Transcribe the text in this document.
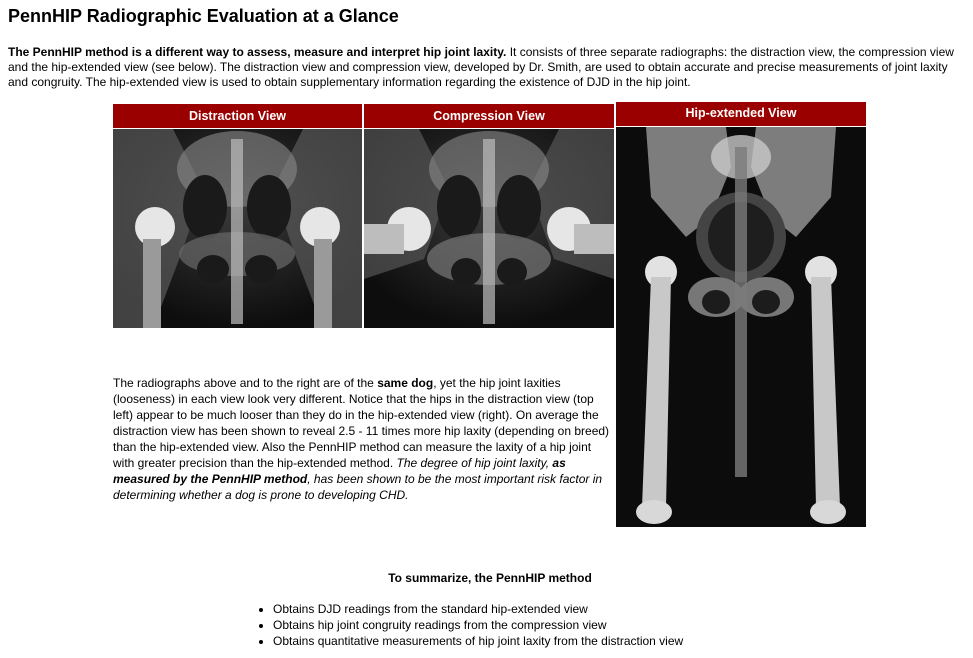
PennHIP Radiographic Evaluation at a Glance

The PennHIP method is a different way to assess, measure and interpret hip joint laxity. It consists of three separate radiographs: the distraction view, the compression view and the hip-extended view (see below). The distraction view and compression view, developed by Dr. Smith, are used to obtain accurate and precise measurements of joint laxity and congruity. The hip-extended view is used to obtain supplementary information regarding the existence of DJD in the hip joint.

Distraction View	Compression View	Hip-extended View

The radiographs above and to the right are of the same dog, yet the hip joint laxities (looseness) in each view look very different. Notice that the hips in the distraction view (top left) appear to be much looser than they do in the hip-extended view (right). On average the distraction view has been shown to reveal 2.5 - 11 times more hip laxity (depending on breed) than the hip-extended view. Also the PennHIP method can measure the laxity of a hip joint with greater precision than the hip-extended method. The degree of hip joint laxity, as measured by the PennHIP method, has been shown to be the most important risk factor in determining whether a dog is prone to developing CHD.

To summarize, the PennHIP method

• Obtains DJD readings from the standard hip-extended view
• Obtains hip joint congruity readings from the compression view
• Obtains quantitative measurements of hip joint laxity from the distraction view
